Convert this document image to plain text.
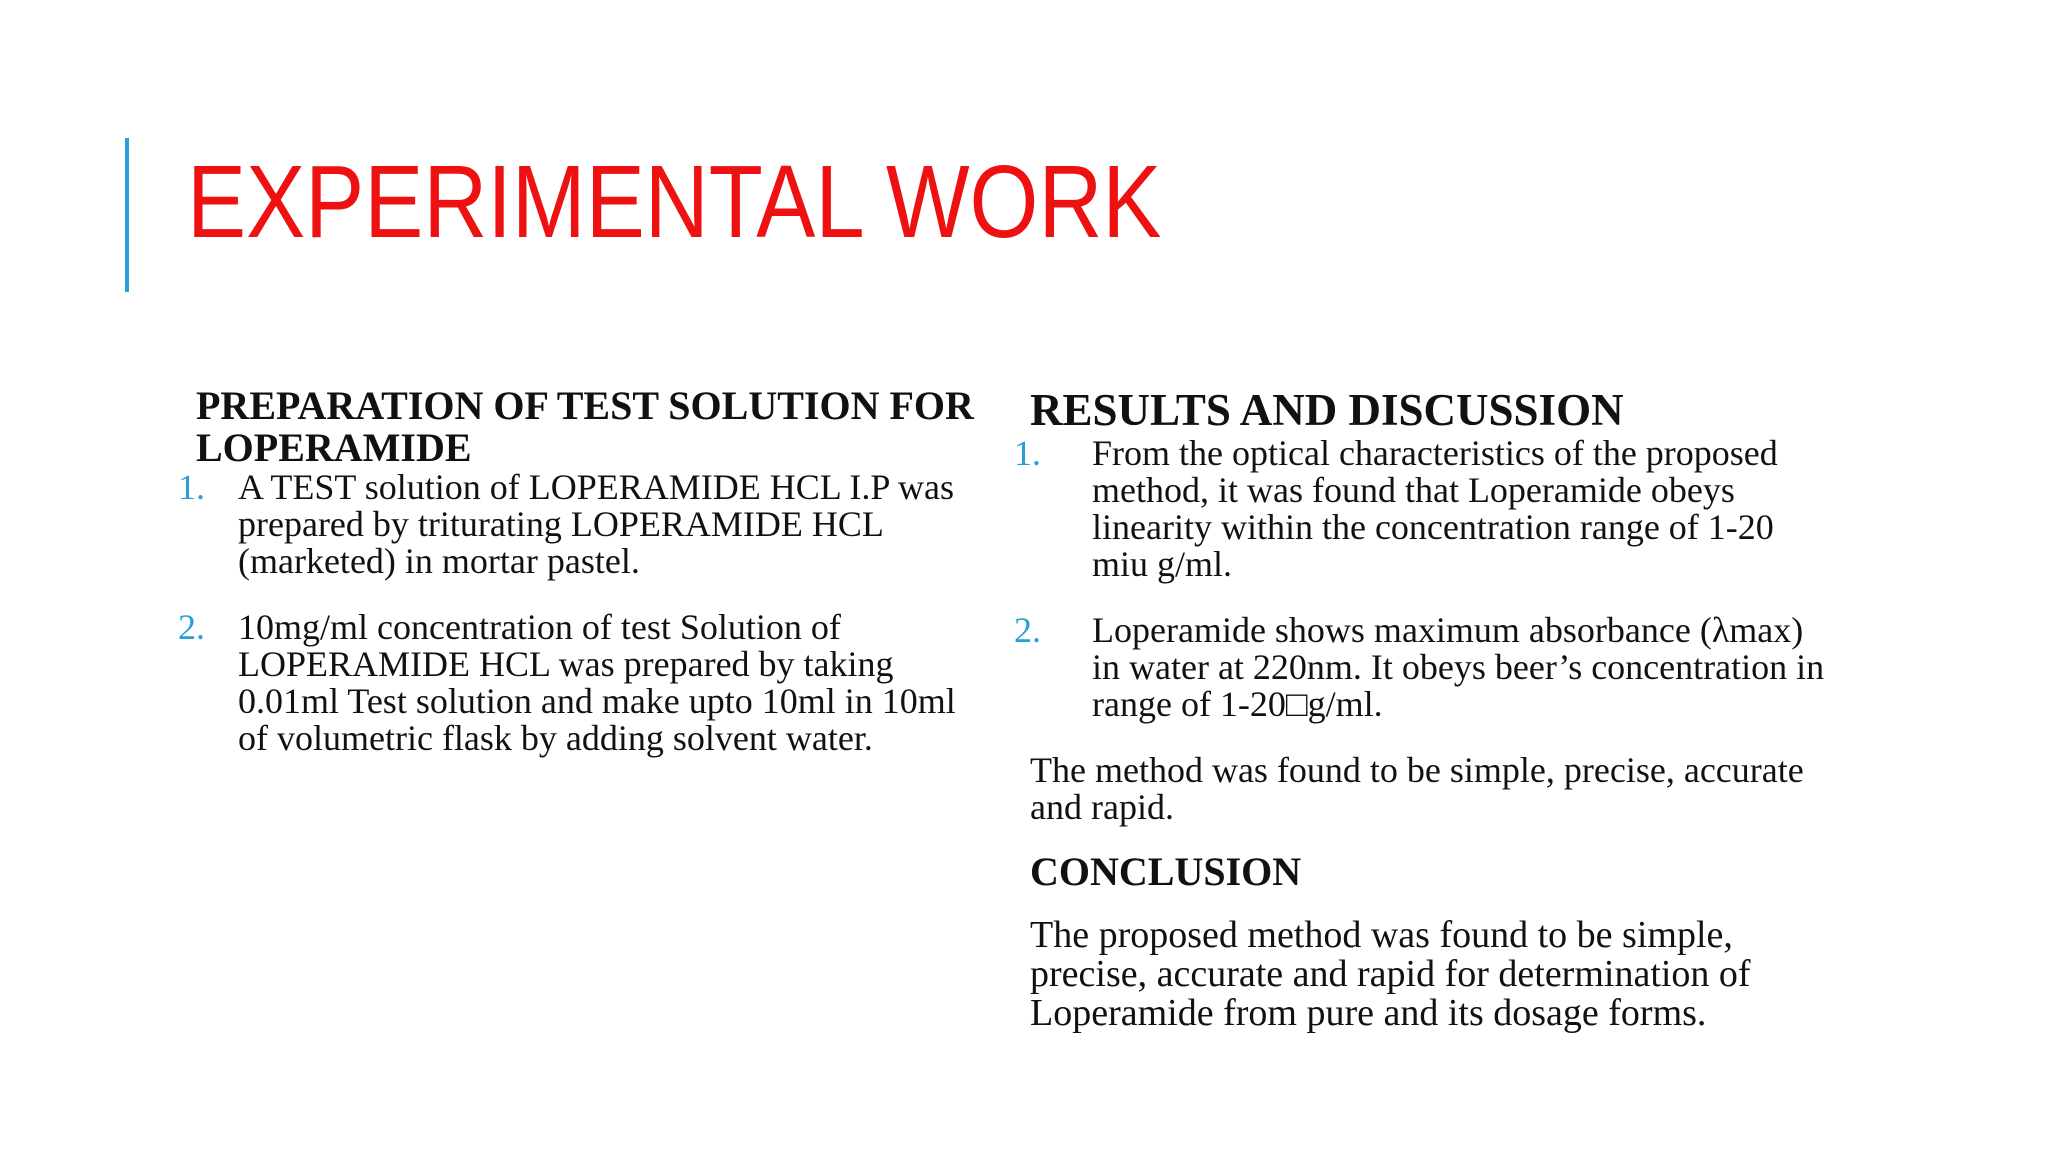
EXPERIMENTAL WORK
PREPARATION OF TEST SOLUTION FOR LOPERAMIDE
1. A TEST solution of LOPERAMIDE HCL I.P was prepared by triturating LOPERAMIDE HCL (marketed) in mortar pastel.
2. 10mg/ml concentration of test Solution of LOPERAMIDE HCL was prepared by taking 0.01ml Test solution and make upto 10ml in 10ml of volumetric flask by adding solvent water.
RESULTS AND DISCUSSION
1. From the optical characteristics of the proposed method, it was found that Loperamide obeys linearity within the concentration range of 1-20 miu g/ml.
2. Loperamide shows maximum absorbance (λmax) in water at 220nm. It obeys beer’s concentration in range of 1-20□g/ml.

The method was found to be simple, precise, accurate and rapid.

CONCLUSION

The proposed method was found to be simple, precise, accurate and rapid for determination of Loperamide from pure and its dosage forms.
